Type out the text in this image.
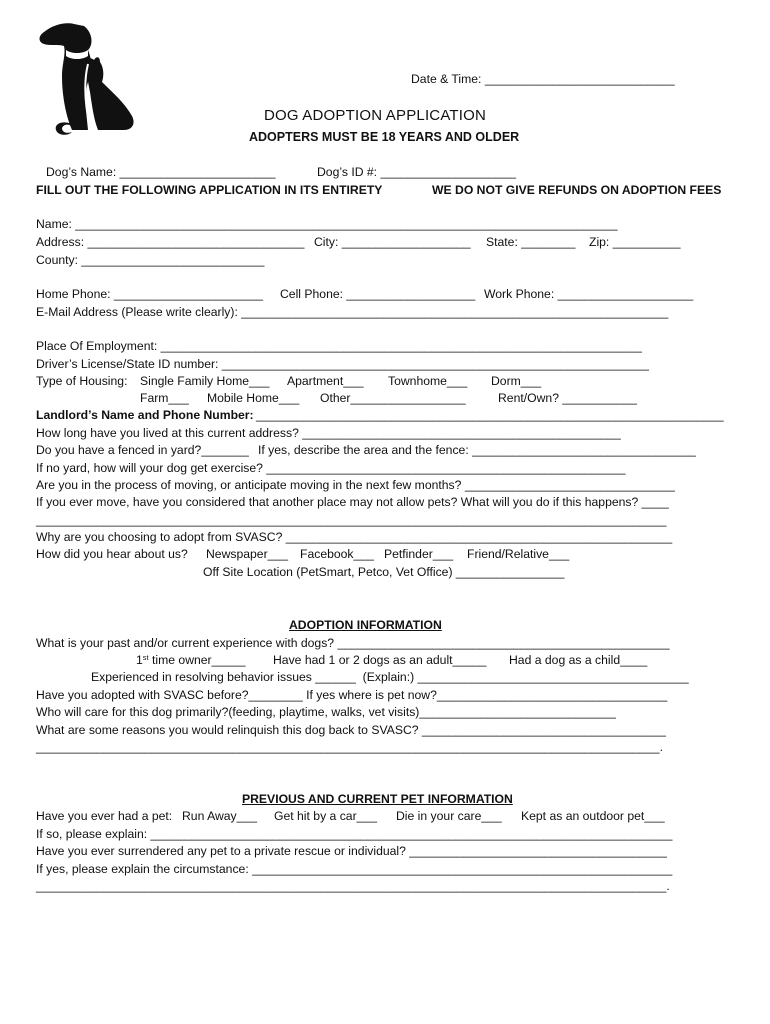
Date & Time: ____________________________
DOG ADOPTION APPLICATION
ADOPTERS MUST BE 18 YEARS AND OLDER
Dog’s Name: _______________________	Dog’s ID #: ____________________
FILL OUT THE FOLLOWING APPLICATION IN ITS ENTIRETY	WE DO NOT GIVE REFUNDS ON ADOPTION FEES
Name: ________________________________________________________________________________
Address: ________________________________ City: ___________________ State: ________ Zip: __________
County: ___________________________
Home Phone: ______________________ Cell Phone: ___________________ Work Phone: ____________________
E-Mail Address (Please write clearly): _______________________________________________________________
Place Of Employment: _______________________________________________________________________
Driver’s License/State ID number: _______________________________________________________________
Type of Housing: Single Family Home___ Apartment___ Townhome___ Dorm___
Farm___ Mobile Home___ Other_________________	Rent/Own? ___________
Landlord’s Name and Phone Number: _____________________________________________________________________
How long have you lived at this current address? _______________________________________________
Do you have a fenced in yard?_______ If yes, describe the area and the fence: _________________________________
If no yard, how will your dog get exercise? _____________________________________________________
Are you in the process of moving, or anticipate moving in the next few months? _______________________________
If you ever move, have you considered that another place may not allow pets? What will you do if this happens? ____
_____________________________________________________________________________________________
Why are you choosing to adopt from SVASC? _________________________________________________________
How did you hear about us? Newspaper___ Facebook___ Petfinder___ Friend/Relative___
Off Site Location (PetSmart, Petco, Vet Office) ________________
ADOPTION INFORMATION
What is your past and/or current experience with dogs? _________________________________________________
1st time owner_____ Have had 1 or 2 dogs as an adult_____ Had a dog as a child____
Experienced in resolving behavior issues ______  (Explain:) ________________________________________
Have you adopted with SVASC before?________ If yes where is pet now?__________________________________
Who will care for this dog primarily?(feeding, playtime, walks, vet visits)_____________________________
What are some reasons you would relinquish this dog back to SVASC? ____________________________________
____________________________________________________________________________________________.
PREVIOUS AND CURRENT PET INFORMATION
Have you ever had a pet: Run Away___ Get hit by a car___ Die in your care___ Kept as an outdoor pet___
If so, please explain: _____________________________________________________________________________
Have you ever surrendered any pet to a private rescue or individual? ______________________________________
If yes, please explain the circumstance: ______________________________________________________________
_____________________________________________________________________________________________.
